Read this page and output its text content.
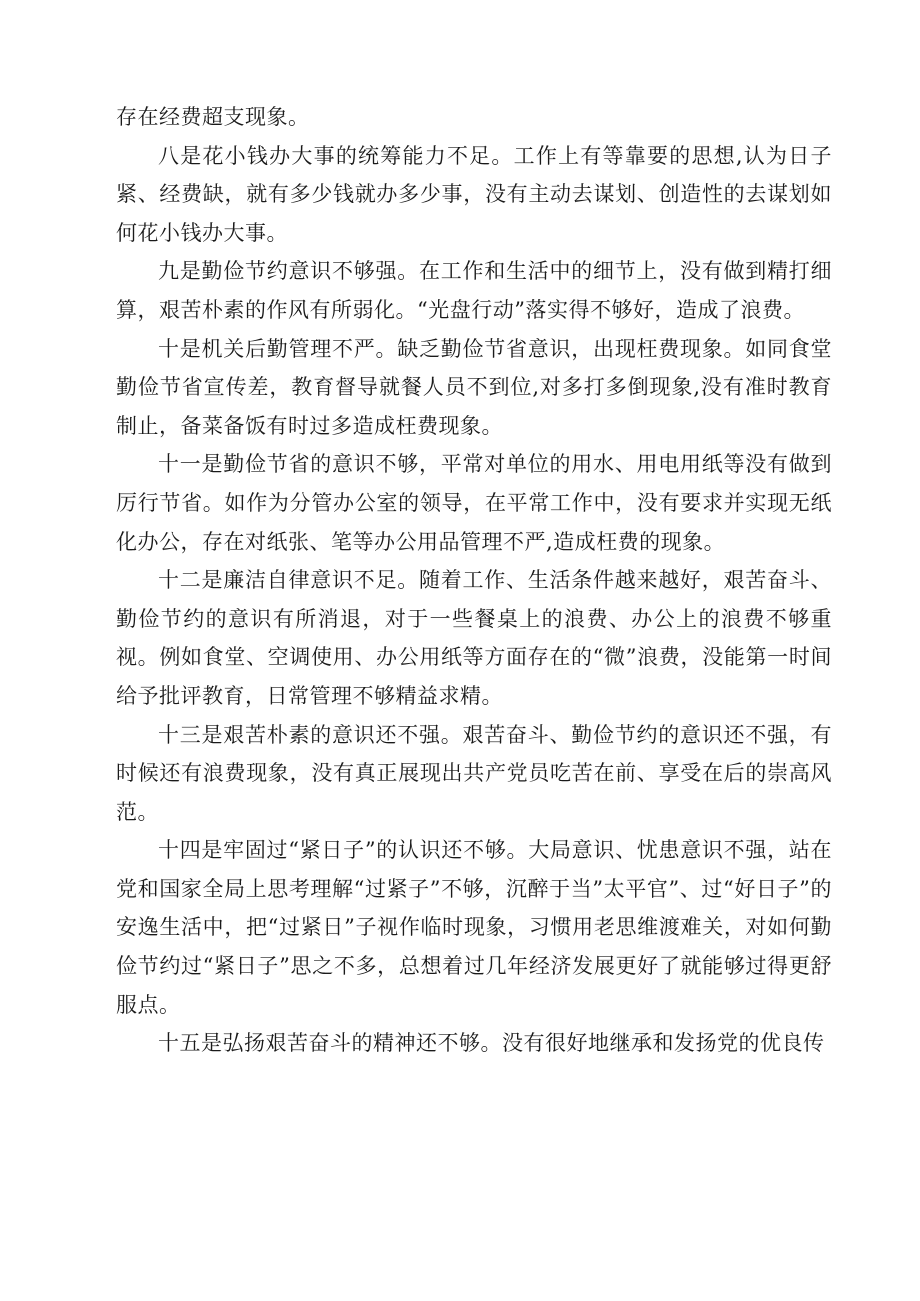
存在经费超支现象。

八是花小钱办大事的统筹能力不足。工作上有等靠要的思想,认为日子紧、经费缺，就有多少钱就办多少事，没有主动去谋划、创造性的去谋划如何花小钱办大事。

九是勤俭节约意识不够强。在工作和生活中的细节上，没有做到精打细算，艰苦朴素的作风有所弱化。“光盘行动”落实得不够好，造成了浪费。

十是机关后勤管理不严。缺乏勤俭节省意识，出现枉费现象。如同食堂勤俭节省宣传差，教育督导就餐人员不到位,对多打多倒现象,没有准时教育制止，备菜备饭有时过多造成枉费现象。

十一是勤俭节省的意识不够，平常对单位的用水、用电用纸等没有做到厉行节省。如作为分管办公室的领导，在平常工作中，没有要求并实现无纸化办公，存在对纸张、笔等办公用品管理不严,造成枉费的现象。

十二是廉洁自律意识不足。随着工作、生活条件越来越好，艰苦奋斗、勤俭节约的意识有所消退，对于一些餐桌上的浪费、办公上的浪费不够重视。例如食堂、空调使用、办公用纸等方面存在的“微”浪费，没能第一时间给予批评教育，日常管理不够精益求精。

十三是艰苦朴素的意识还不强。艰苦奋斗、勤俭节约的意识还不强，有时候还有浪费现象，没有真正展现出共产党员吃苦在前、享受在后的崇高风范。

十四是牢固过“紧日子”的认识还不够。大局意识、忧患意识不强，站在党和国家全局上思考理解“过紧子”不够，沉醉于当”太平官”、过“好日子”的安逸生活中，把“过紧日”子视作临时现象，习惯用老思维渡难关，对如何勤俭节约过“紧日子”思之不多，总想着过几年经济发展更好了就能够过得更舒服点。

十五是弘扬艰苦奋斗的精神还不够。没有很好地继承和发扬党的优良传
